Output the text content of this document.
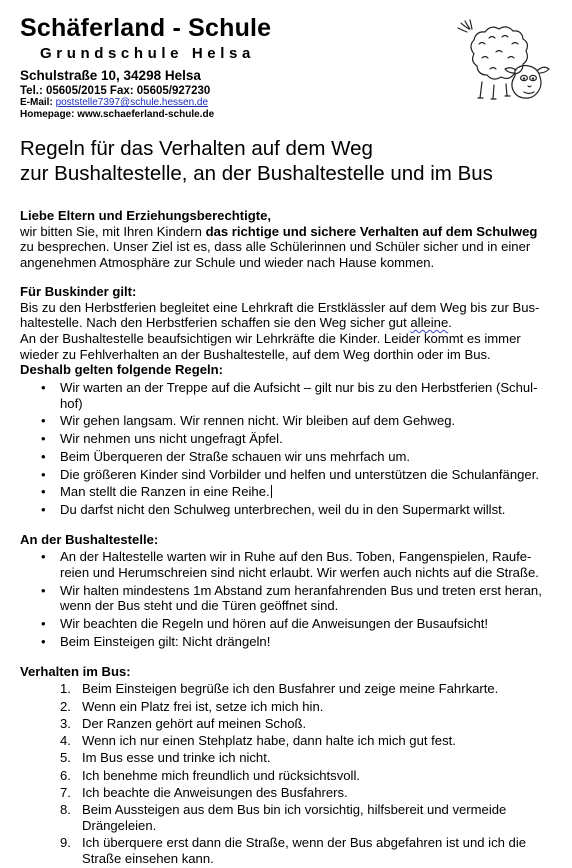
Schäferland - Schule
Grundschule Helsa
Schulstraße 10, 34298 Helsa
Tel.: 05605/2015 Fax: 05605/927230
E-Mail: poststelle7397@schule.hessen.de
Homepage: www.schaeferland-schule.de
Regeln für das Verhalten auf dem Weg
zur Bushaltestelle, an der Bushaltestelle und im Bus

Liebe Eltern und Erziehungsberechtigte,

wir bitten Sie, mit Ihren Kindern das richtige und sichere Verhalten auf dem Schulweg zu besprechen. Unser Ziel ist es, dass alle Schülerinnen und Schüler sicher und in einer angenehmen Atmosphäre zur Schule und wieder nach Hause kommen.

Für Buskinder gilt:

Bis zu den Herbstferien begleitet eine Lehrkraft die Erstklässler auf dem Weg bis zur Bus-haltestelle. Nach den Herbstferien schaffen sie den Weg sicher gut alleine.

An der Bushaltestelle beaufsichtigen wir Lehrkräfte die Kinder. Leider kommt es immer wieder zu Fehlverhalten an der Bushaltestelle, auf dem Weg dorthin oder im Bus.

Deshalb gelten folgende Regeln:

• Wir warten an der Treppe auf die Aufsicht – gilt nur bis zu den Herbstferien (Schul-hof)
• Wir gehen langsam. Wir rennen nicht. Wir bleiben auf dem Gehweg.
• Wir nehmen uns nicht ungefragt Äpfel.
• Beim Überqueren der Straße schauen wir uns mehrfach um.
• Die größeren Kinder sind Vorbilder und helfen und unterstützen die Schulanfänger.
• Man stellt die Ranzen in eine Reihe.
• Du darfst nicht den Schulweg unterbrechen, weil du in den Supermarkt willst.

An der Bushaltestelle:

• An der Haltestelle warten wir in Ruhe auf den Bus. Toben, Fangenspielen, Raufe-reien und Herumschreien sind nicht erlaubt. Wir werfen auch nichts auf die Straße.
• Wir halten mindestens 1m Abstand zum heranfahrenden Bus und treten erst heran, wenn der Bus steht und die Türen geöffnet sind.
• Wir beachten die Regeln und hören auf die Anweisungen der Busaufsicht!
• Beim Einsteigen gilt: Nicht drängeln!

Verhalten im Bus:

1. Beim Einsteigen begrüße ich den Busfahrer und zeige meine Fahrkarte.
2. Wenn ein Platz frei ist, setze ich mich hin.
3. Der Ranzen gehört auf meinen Schoß.
4. Wenn ich nur einen Stehplatz habe, dann halte ich mich gut fest.
5. Im Bus esse und trinke ich nicht.
6. Ich benehme mich freundlich und rücksichtsvoll.
7. Ich beachte die Anweisungen des Busfahrers.
8. Beim Aussteigen aus dem Bus bin ich vorsichtig, hilfsbereit und vermeide Drängeleien.
9. Ich überquere erst dann die Straße, wenn der Bus abgefahren ist und ich die Straße einsehen kann.
